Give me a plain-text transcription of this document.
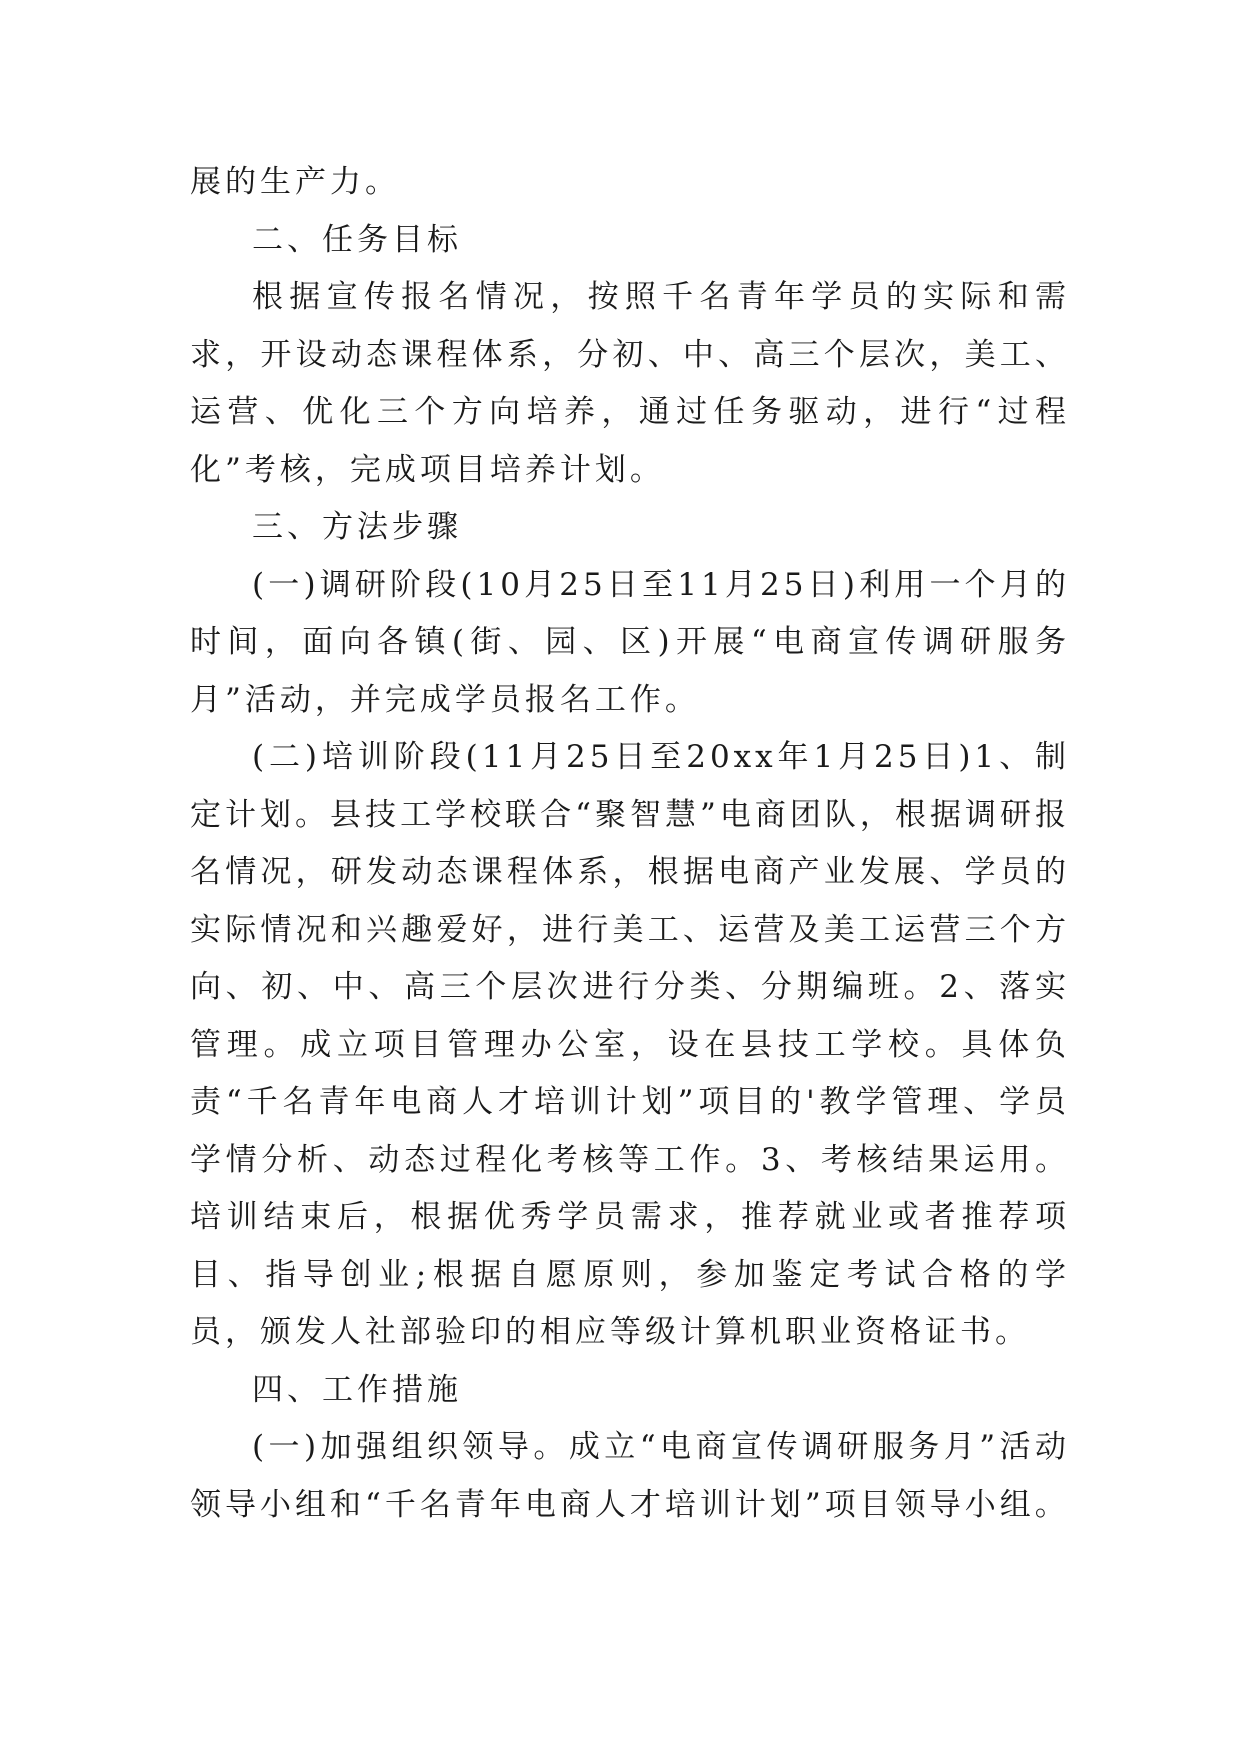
展的生产力。

二、任务目标

根据宣传报名情况，按照千名青年学员的实际和需求，开设动态课程体系，分初、中、高三个层次，美工、运营、优化三个方向培养，通过任务驱动，进行“过程化”考核，完成项目培养计划。

三、方法步骤

(一)调研阶段(10月25日至11月25日)利用一个月的时间，面向各镇(街、园、区)开展“电商宣传调研服务月”活动，并完成学员报名工作。

(二)培训阶段(11月25日至20xx年1月25日)1、制定计划。县技工学校联合“聚智慧”电商团队，根据调研报名情况，研发动态课程体系，根据电商产业发展、学员的实际情况和兴趣爱好，进行美工、运营及美工运营三个方向、初、中、高三个层次进行分类、分期编班。2、落实管理。成立项目管理办公室，设在县技工学校。具体负责“千名青年电商人才培训计划”项目的'教学管理、学员学情分析、动态过程化考核等工作。3、考核结果运用。培训结束后，根据优秀学员需求，推荐就业或者推荐项目、指导创业;根据自愿原则，参加鉴定考试合格的学员，颁发人社部验印的相应等级计算机职业资格证书。

四、工作措施

(一)加强组织领导。成立“电商宣传调研服务月”活动领导小组和“千名青年电商人才培训计划”项目领导小组。
